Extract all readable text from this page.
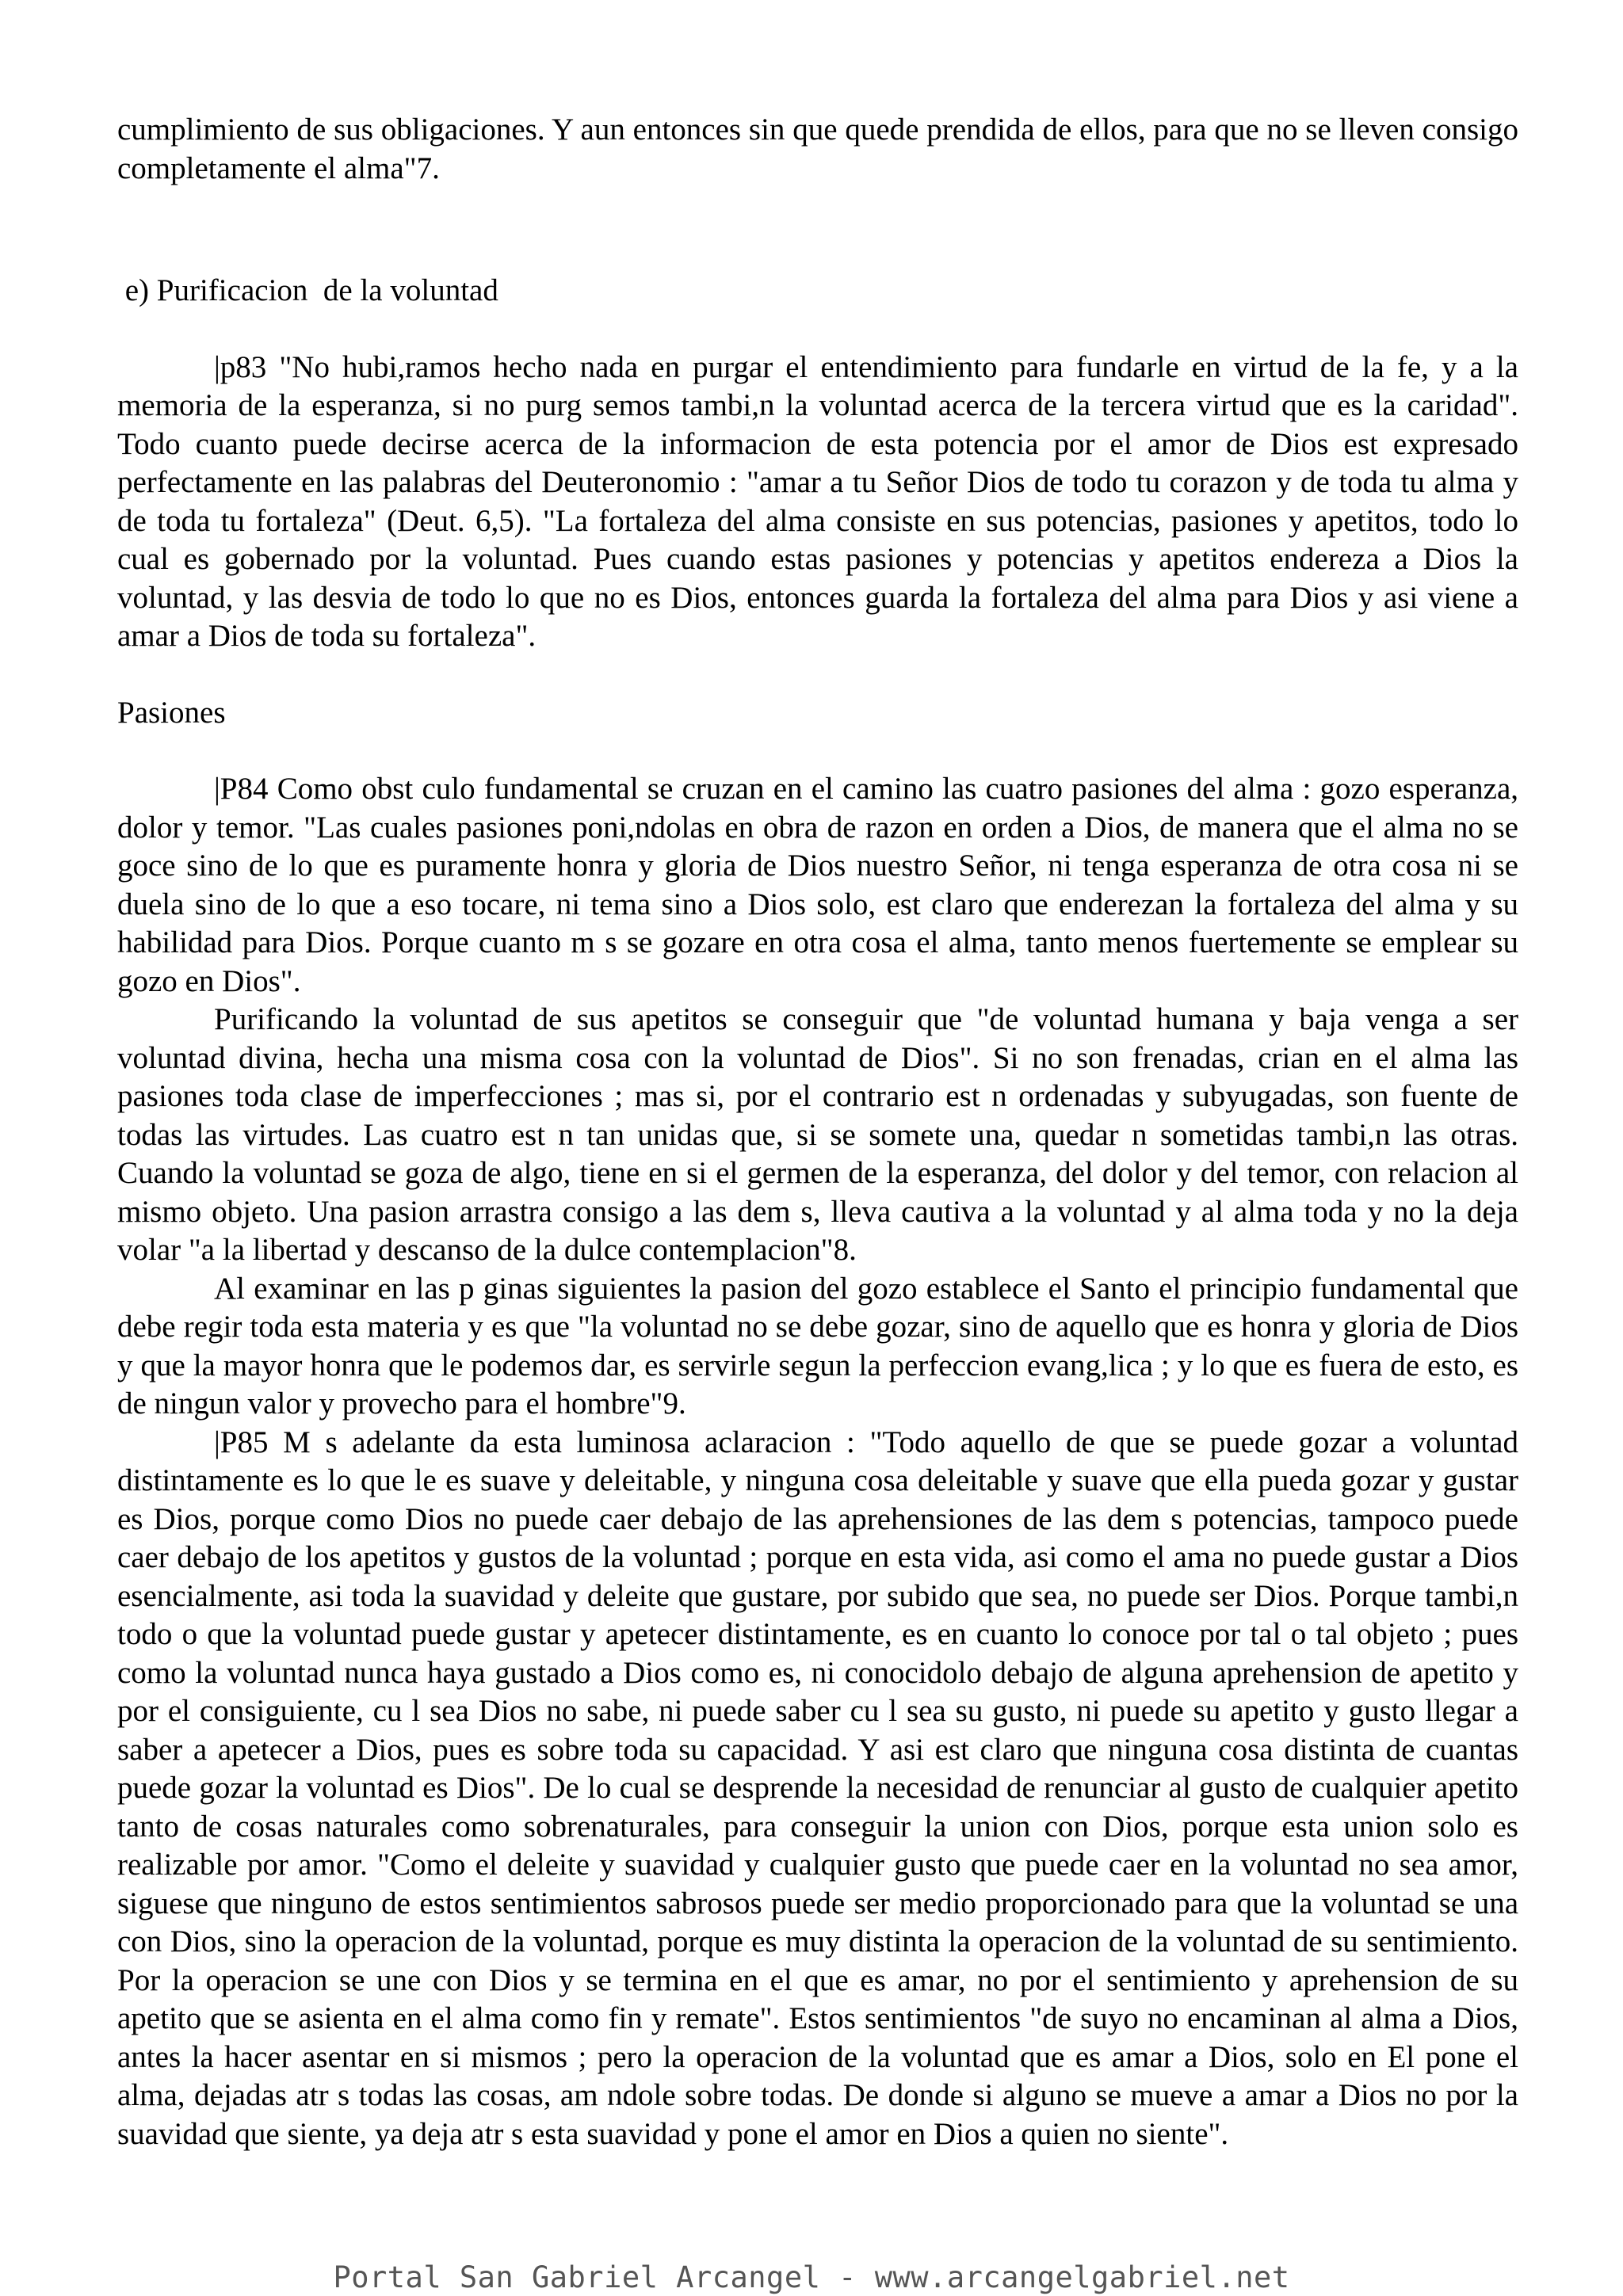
cumplimiento de sus obligaciones. Y aun entonces sin que quede prendida de ellos, para que no se lleven consigo completamente el alma"7.

e) Purificacion  de la voluntad

|p83 "No hubi,ramos hecho nada en purgar el entendimiento para fundarle en virtud de la fe, y a la memoria de la esperanza, si no purg semos tambi,n la voluntad acerca de la tercera virtud que es la caridad". Todo cuanto puede decirse acerca de la informacion de esta potencia por el amor de Dios est expresado perfectamente en las palabras del Deuteronomio : "amar a tu Señor Dios de todo tu corazon y de toda tu alma y de toda tu fortaleza" (Deut. 6,5). "La fortaleza del alma consiste en sus potencias, pasiones y apetitos, todo lo cual es gobernado por la voluntad. Pues cuando estas pasiones y potencias y apetitos endereza a Dios la voluntad, y las desvia de todo lo que no es Dios, entonces guarda la fortaleza del alma para Dios y asi viene a amar a Dios de toda su fortaleza".

Pasiones

|P84 Como obst culo fundamental se cruzan en el camino las cuatro pasiones del alma : gozo esperanza, dolor y temor. "Las cuales pasiones poni,ndolas en obra de razon en orden a Dios, de manera que el alma no se goce sino de lo que es puramente honra y gloria de Dios nuestro Señor, ni tenga esperanza de otra cosa ni se duela sino de lo que a eso tocare, ni tema sino a Dios solo, est claro que enderezan la fortaleza del alma y su habilidad para Dios. Porque cuanto m s se gozare en otra cosa el alma, tanto menos fuertemente se emplear su gozo en Dios".

Purificando la voluntad de sus apetitos se conseguir que "de voluntad humana y baja venga a ser voluntad divina, hecha una misma cosa con la voluntad de Dios". Si no son frenadas, crian en el alma las pasiones toda clase de imperfecciones ; mas si, por el contrario est n ordenadas y subyugadas, son fuente de todas las virtudes. Las cuatro est n tan unidas que, si se somete una, quedar n sometidas tambi,n las otras. Cuando la voluntad se goza de algo, tiene en si el germen de la esperanza, del dolor y del temor, con relacion al mismo objeto. Una pasion arrastra consigo a las dem s, lleva cautiva a la voluntad y al alma toda y no la deja volar "a la libertad y descanso de la dulce contemplacion"8.

Al examinar en las p ginas siguientes la pasion del gozo establece el Santo el principio fundamental que debe regir toda esta materia y es que "la voluntad no se debe gozar, sino de aquello que es honra y gloria de Dios y que la mayor honra que le podemos dar, es servirle segun la perfeccion evang,lica ; y lo que es fuera de esto, es de ningun valor y provecho para el hombre"9.

|P85 M s adelante da esta luminosa aclaracion : "Todo aquello de que se puede gozar a voluntad distintamente es lo que le es suave y deleitable, y ninguna cosa deleitable y suave que ella pueda gozar y gustar es Dios, porque como Dios no puede caer debajo de las aprehensiones de las dem s potencias, tampoco puede caer debajo de los apetitos y gustos de la voluntad ; porque en esta vida, asi como el ama no puede gustar a Dios esencialmente, asi toda la suavidad y deleite que gustare, por subido que sea, no puede ser Dios. Porque tambi,n todo o que la voluntad puede gustar y apetecer distintamente, es en cuanto lo conoce por tal o tal objeto ; pues como la voluntad nunca haya gustado a Dios como es, ni conocidolo debajo de alguna aprehension de apetito y por el consiguiente, cu l sea Dios no sabe, ni puede saber cu l sea su gusto, ni puede su apetito y gusto llegar a saber a apetecer a Dios, pues es sobre toda su capacidad. Y asi est claro que ninguna cosa distinta de cuantas puede gozar la voluntad es Dios". De lo cual se desprende la necesidad de renunciar al gusto de cualquier apetito tanto de cosas naturales como sobrenaturales, para conseguir la union con Dios, porque esta union solo es realizable por amor. "Como el deleite y suavidad y cualquier gusto que puede caer en la voluntad no sea amor, siguese que ninguno de estos sentimientos sabrosos puede ser medio proporcionado para que la voluntad se una con Dios, sino la operacion de la voluntad, porque es muy distinta la operacion de la voluntad de su sentimiento. Por la operacion se une con Dios y se termina en el que es amar, no por el sentimiento y aprehension de su apetito que se asienta en el alma como fin y remate". Estos sentimientos "de suyo no encaminan al alma a Dios, antes la hacer asentar en si mismos ; pero la operacion de la voluntad que es amar a Dios, solo en El pone el alma, dejadas atr s todas las cosas, am ndole sobre todas. De donde si alguno se mueve a amar a Dios no por la suavidad que siente, ya deja atr s esta suavidad y pone el amor en Dios a quien no siente".

Portal San Gabriel Arcangel - www.arcangelgabriel.net
